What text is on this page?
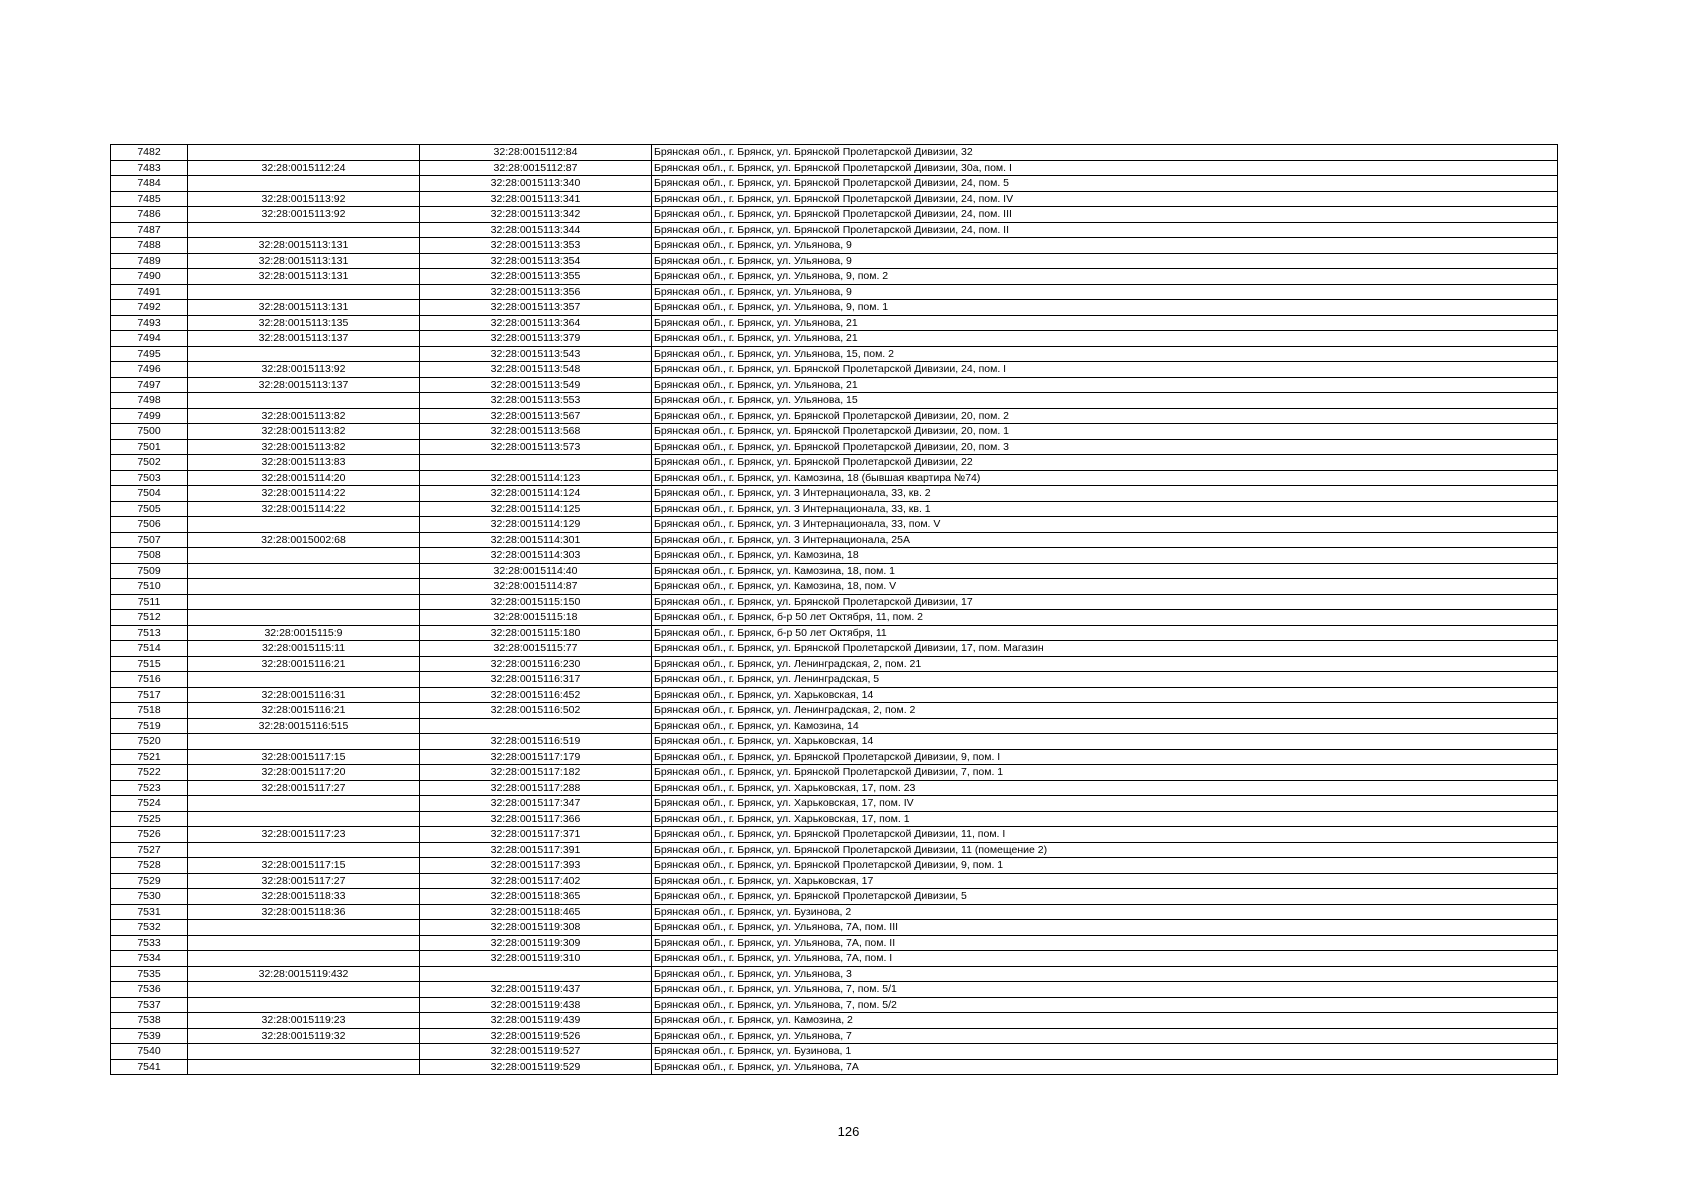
7482		32:28:0015112:84	Брянская обл., г. Брянск, ул. Брянской Пролетарской Дивизии, 32
7483	32:28:0015112:24	32:28:0015112:87	Брянская обл., г. Брянск, ул. Брянской Пролетарской Дивизии, 30а, пом. I
7484		32:28:0015113:340	Брянская обл., г. Брянск, ул. Брянской Пролетарской Дивизии, 24, пом. 5
7485	32:28:0015113:92	32:28:0015113:341	Брянская обл., г. Брянск, ул. Брянской Пролетарской Дивизии, 24, пом. IV
7486	32:28:0015113:92	32:28:0015113:342	Брянская обл., г. Брянск, ул. Брянской Пролетарской Дивизии, 24, пом. III
7487		32:28:0015113:344	Брянская обл., г. Брянск, ул. Брянской Пролетарской Дивизии, 24, пом. II
7488	32:28:0015113:131	32:28:0015113:353	Брянская обл., г. Брянск, ул. Ульянова, 9
7489	32:28:0015113:131	32:28:0015113:354	Брянская обл., г. Брянск, ул. Ульянова, 9
7490	32:28:0015113:131	32:28:0015113:355	Брянская обл., г. Брянск, ул. Ульянова, 9, пом. 2
7491		32:28:0015113:356	Брянская обл., г. Брянск, ул. Ульянова, 9
7492	32:28:0015113:131	32:28:0015113:357	Брянская обл., г. Брянск, ул. Ульянова, 9, пом. 1
7493	32:28:0015113:135	32:28:0015113:364	Брянская обл., г. Брянск, ул. Ульянова, 21
7494	32:28:0015113:137	32:28:0015113:379	Брянская обл., г. Брянск, ул. Ульянова, 21
7495		32:28:0015113:543	Брянская обл., г. Брянск, ул. Ульянова, 15, пом. 2
7496	32:28:0015113:92	32:28:0015113:548	Брянская обл., г. Брянск, ул. Брянской Пролетарской Дивизии, 24, пом. I
7497	32:28:0015113:137	32:28:0015113:549	Брянская обл., г. Брянск, ул. Ульянова, 21
7498		32:28:0015113:553	Брянская обл., г. Брянск, ул. Ульянова, 15
7499	32:28:0015113:82	32:28:0015113:567	Брянская обл., г. Брянск, ул. Брянской Пролетарской Дивизии, 20, пом. 2
7500	32:28:0015113:82	32:28:0015113:568	Брянская обл., г. Брянск, ул. Брянской Пролетарской Дивизии, 20, пом. 1
7501	32:28:0015113:82	32:28:0015113:573	Брянская обл., г. Брянск, ул. Брянской Пролетарской Дивизии, 20, пом. 3
7502	32:28:0015113:83		Брянская обл., г. Брянск, ул. Брянской Пролетарской Дивизии, 22
7503	32:28:0015114:20	32:28:0015114:123	Брянская обл., г. Брянск, ул. Камозина, 18 (бывшая квартира №74)
7504	32:28:0015114:22	32:28:0015114:124	Брянская обл., г. Брянск, ул. 3 Интернационала, 33, кв. 2
7505	32:28:0015114:22	32:28:0015114:125	Брянская обл., г. Брянск, ул. 3 Интернационала, 33, кв. 1
7506		32:28:0015114:129	Брянская обл., г. Брянск, ул. 3 Интернационала, 33, пом. V
7507	32:28:0015002:68	32:28:0015114:301	Брянская обл., г. Брянск, ул. 3 Интернационала, 25А
7508		32:28:0015114:303	Брянская обл., г. Брянск, ул. Камозина, 18
7509		32:28:0015114:40	Брянская обл., г. Брянск, ул. Камозина, 18, пом. 1
7510		32:28:0015114:87	Брянская обл., г. Брянск, ул. Камозина, 18, пом. V
7511		32:28:0015115:150	Брянская обл., г. Брянск, ул. Брянской Пролетарской Дивизии, 17
7512		32:28:0015115:18	Брянская обл., г. Брянск, б-р 50 лет Октября, 11, пом. 2
7513	32:28:0015115:9	32:28:0015115:180	Брянская обл., г. Брянск, б-р 50 лет Октября, 11
7514	32:28:0015115:11	32:28:0015115:77	Брянская обл., г. Брянск, ул. Брянской Пролетарской Дивизии, 17, пом. Магазин
7515	32:28:0015116:21	32:28:0015116:230	Брянская обл., г. Брянск, ул. Ленинградская, 2, пом. 21
7516		32:28:0015116:317	Брянская обл., г. Брянск, ул. Ленинградская, 5
7517	32:28:0015116:31	32:28:0015116:452	Брянская обл., г. Брянск, ул. Харьковская, 14
7518	32:28:0015116:21	32:28:0015116:502	Брянская обл., г. Брянск, ул. Ленинградская, 2, пом. 2
7519	32:28:0015116:515		Брянская обл., г. Брянск, ул. Камозина, 14
7520		32:28:0015116:519	Брянская обл., г. Брянск, ул. Харьковская, 14
7521	32:28:0015117:15	32:28:0015117:179	Брянская обл., г. Брянск, ул. Брянской Пролетарской Дивизии, 9, пом. I
7522	32:28:0015117:20	32:28:0015117:182	Брянская обл., г. Брянск, ул. Брянской Пролетарской Дивизии, 7, пом. 1
7523	32:28:0015117:27	32:28:0015117:288	Брянская обл., г. Брянск, ул. Харьковская, 17, пом. 23
7524		32:28:0015117:347	Брянская обл., г. Брянск, ул. Харьковская, 17, пом. IV
7525		32:28:0015117:366	Брянская обл., г. Брянск, ул. Харьковская, 17, пом. 1
7526	32:28:0015117:23	32:28:0015117:371	Брянская обл., г. Брянск, ул. Брянской Пролетарской Дивизии, 11, пом. I
7527		32:28:0015117:391	Брянская обл., г. Брянск, ул. Брянской Пролетарской Дивизии, 11 (помещение 2)
7528	32:28:0015117:15	32:28:0015117:393	Брянская обл., г. Брянск, ул. Брянской Пролетарской Дивизии, 9, пом. 1
7529	32:28:0015117:27	32:28:0015117:402	Брянская обл., г. Брянск, ул. Харьковская, 17
7530	32:28:0015118:33	32:28:0015118:365	Брянская обл., г. Брянск, ул. Брянской Пролетарской Дивизии, 5
7531	32:28:0015118:36	32:28:0015118:465	Брянская обл., г. Брянск, ул. Бузинова, 2
7532		32:28:0015119:308	Брянская обл., г. Брянск, ул. Ульянова, 7А, пом. III
7533		32:28:0015119:309	Брянская обл., г. Брянск, ул. Ульянова, 7А, пом. II
7534		32:28:0015119:310	Брянская обл., г. Брянск, ул. Ульянова, 7А, пом. I
7535	32:28:0015119:432		Брянская обл., г. Брянск, ул. Ульянова, 3
7536		32:28:0015119:437	Брянская обл., г. Брянск, ул. Ульянова, 7, пом. 5/1
7537		32:28:0015119:438	Брянская обл., г. Брянск, ул. Ульянова, 7, пом. 5/2
7538	32:28:0015119:23	32:28:0015119:439	Брянская обл., г. Брянск, ул. Камозина, 2
7539	32:28:0015119:32	32:28:0015119:526	Брянская обл., г. Брянск, ул. Ульянова, 7
7540		32:28:0015119:527	Брянская обл., г. Брянск, ул. Бузинова, 1
7541		32:28:0015119:529	Брянская обл., г. Брянск, ул. Ульянова, 7А
126
